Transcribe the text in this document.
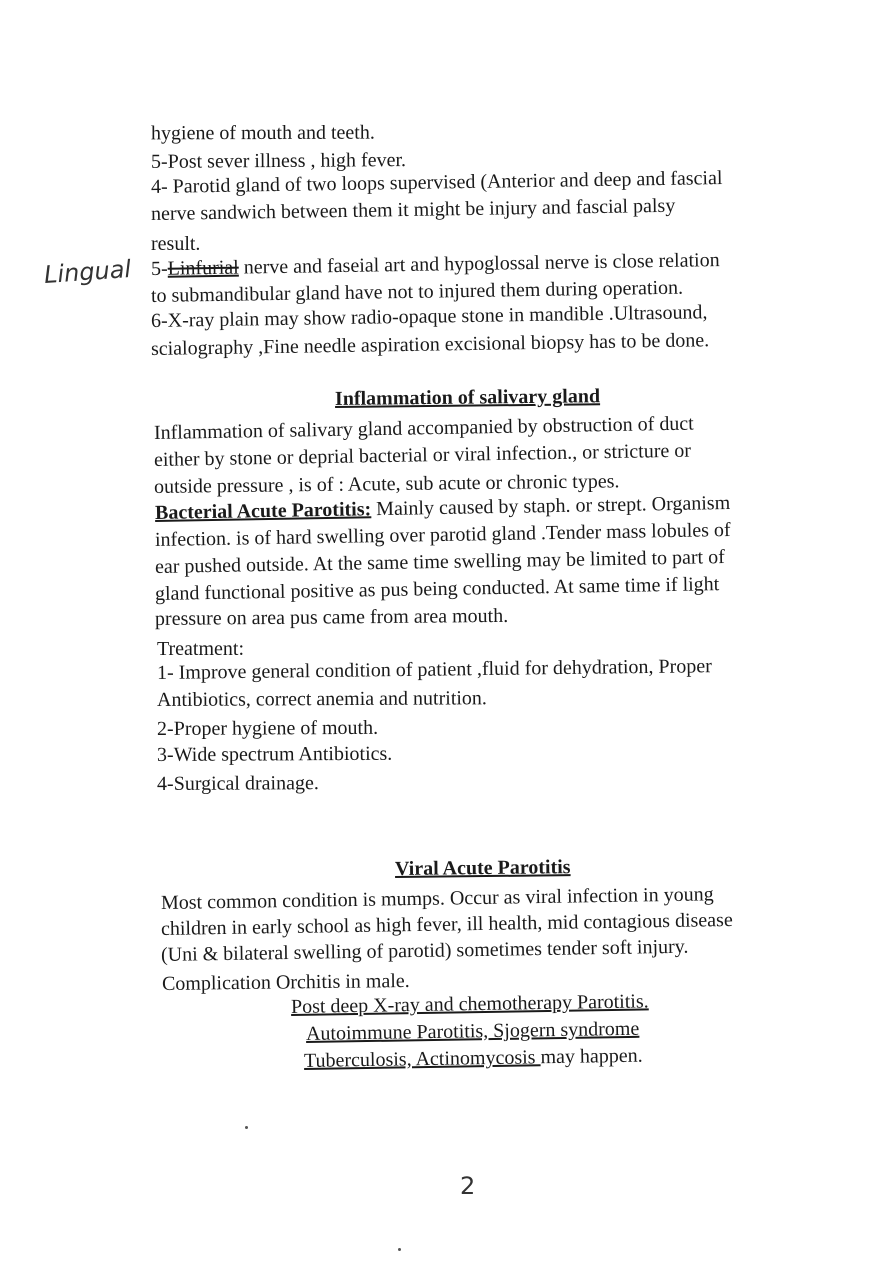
Lingual
hygiene of mouth and teeth.
5-Post sever illness , high fever.
4- Parotid gland of two loops supervised (Anterior and deep and fascial
nerve sandwich between them it might be injury and fascial palsy
result.
5-Linfurial nerve and faseial art and hypoglossal nerve is close relation
to submandibular gland have not to injured them during operation.
6-X-ray plain may show radio-opaque stone in mandible .Ultrasound,
scialography ,Fine needle aspiration excisional biopsy has to be done.
Inflammation of salivary gland
Inflammation of salivary gland accompanied by obstruction of duct
either by stone or deprial bacterial or viral infection., or stricture or
outside pressure , is of : Acute, sub acute or chronic types.
Bacterial Acute Parotitis: Mainly caused by staph. or strept. Organism
infection. is of hard swelling over parotid gland .Tender mass lobules of
ear pushed outside. At the same time swelling may be limited to part of
gland functional positive as pus being conducted. At same time if light
pressure on area pus came from area mouth.
Treatment:
1- Improve general condition of patient ,fluid for dehydration, Proper
Antibiotics, correct anemia and nutrition.
2-Proper hygiene of mouth.
3-Wide spectrum Antibiotics.
4-Surgical drainage.
Viral Acute Parotitis
Most common condition is mumps. Occur as viral infection in young
children in early school as high fever, ill health, mid contagious disease
(Uni & bilateral swelling of parotid) sometimes tender soft injury.
Complication Orchitis in male.
Post deep X-ray and chemotherapy Parotitis.
Autoimmune Parotitis, Sjogern syndrome
Tuberculosis, Actinomycosis may happen.
2
